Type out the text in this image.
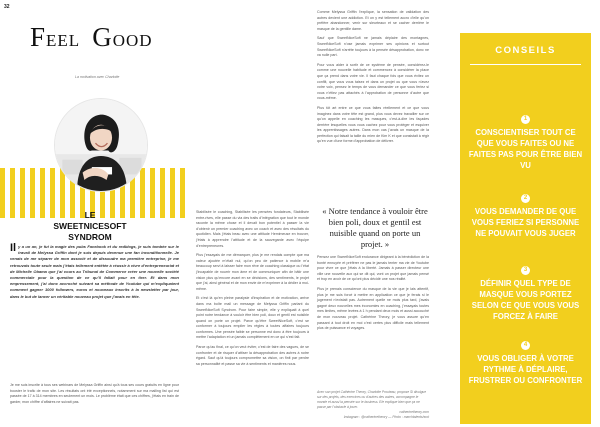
32
FEEL GOOD
La motivation avec Charlotte
LE
SWEETNICESOFT
SYNDROM
Il y a un an, je fut la magie des pubs Facebook et du redblogs, je suis tombée sur le travail de Melyssa Griffin dont je suis depuis devenue une fan inconditionnelle. Je venais de me séparer de mon associé et de dissoudre ma première entreprise, je me retrouvais toute seule mais j’étais tellement entêtée à réussir à vivre d’entrepreneuriat et de Michelle Obama que j’ai cours au Tribunal de Commerce créer une nouvelle société commerciale pour la question de ce qu’il fallait pour en tirer. Et dans mon empressement, j’ai donc accroché suivant sa méthode de Youtube qui m’expliquaient comment gagner 1000 followers, euros et nouveaux inscrits à la newsletter par jour, dans le but de lancer un véritable nouveau projet que j’avais en tête.
Je me suis inscrite à tous ses webinars de Melyssa Griffin ainsi qu’à tous ses cours gratuits en ligne pour booster le trafic de mon site. Les résultats ont été exceptionnels, notamment sur ma mailing list qui est passée de 17 à 314 membres en seulement un mois. Le problème était que ces chiffres, j’étais en train de garder, mon chiffre d’affaires ne suivait pas.

Stabilisée le coaching, Stabilisée les pensées fondateurs, Stabilisée entre-rives, elle passe du via des traits d’intégration que tout le monde raconte la même chose et il devait bon potentiel à passer la vie d’obtenir un premier coaching avec un coach et avec des résultats du quotidien. Mais j’étais beau avec une attitude Hemimeuse en trouver, j’étais à apprendre l’attitude et de la sauvegarde avec l’équipe d’entrepreneures.

Plus j’essayais de me démarquer, plus je me rendais compte que ma valeur ajoutée m’était nul, qu’on peu de patience à mobile m’a beaucoup servi à laisser faire mon rêve de coaching classique ou l’état j’incapable de nourrir mon âme et de communiquer afin de bâtir une vision plus qu’encore avant en se décisions, des sentiments, le projet que j’ai, ainsi général et de mon envie de m’exprimer à la dédier à moi-même.

Et c’est là qu’en pleine paralysie d’inspiration et de motivation, arrive dans ma boîte mail un message de Melyssa Griffin parlant du SweetNiceSoft Syndrom. Pour faire simple, elle y expliquait à quel point notre tendance à vouloir être bien poli, doux et gentil est nuisible quand on porte un projet. Parce qu’être SweetNiceSoft, c’est se conformer à toujours empiler les règles à toutes affaires toujours conformes. Une pensée faible se personne est donc à être toujours à mettre l’adaptation et un jamais complètement en ce qui s’est fait.

Parce qu’au final, ce qu’on veut éviter, c’est de faire des vagues, de se confronter et de risquer d’attiser la désapprobation des autres à notre égard. Sauf qu’à toujours compromettre sa vision, on finit par perdre sa personnalité et passe sa vie à sentiments et manières nous.

Comme Melyssa Griffin l’explique, la sensation de validation des autres devient une addiction. Et on y est tellement accro d’elle qu’on préfère abandonner, venir sur sleurteaux et se cacher derrière le masque de la gentille dame.

Sauf que SweetNiceSoft ne jamais déplaire des montagnes, SweetNiceSoft n’ose jamais exprimer ses opinions et surtout SweetNiceSoft n’arrête toujours à la pensée désapprobation, donc ne va nulle part.

Pour vous aider à sortir de ce système de pensée, considérez-le comme une nouvelle habitude et commencez à considérer la place que ça prend dans votre vie. Il faut chaque fois que vous évitez un conflit, que vous vous taisez et dans un projet ou que vous n’avez votre voix, pensez le temps de vous demander ce que vous feriez si vous n’étiez pas attachés à l’approbation de personne d’autre que vous-même.

Plus tôt art entre ce que vous faites réellement et ce que vous imaginez dans votre tête est grand, plus vous devez travailler sur ce qu’on appelle en coaching les masques, c’est-à-dire les façades derrière lesquelles vous vous cachez pour vous protéger et esquiver les apprentissages autres. Dans mon cas j’avais un masque de la perfection qui faisait la taille du mien de Kim K et que consistait à régir qu’en vue d’une forme d’approbation de délivrer.

« Notre tendance à vouloir être bien poli, doux et gentil est nuisible quand on porte un projet. »

Pensez une SweetNiceSoft endurance dirigeant à la bénédiction de la bonté ennuyée et préférer ne pas le jamais tenter ma vie de Youtube pour vivre ce que j’étais à la liberté. Jamais à passer directeur une ville une nouvelle aux qui se dit qui, vont un projet que jamais pensé et trop en avoir de ce qu’ont plus décidé une nos réalité.

Plus je prenais conscience du masque de la vie que je lais attentif, plus je me suis forcé à mettre en application ce que je ferais si le jugement n’existait pas. Autrement quelle ne mois plus tard, j’avais gagné deux nouvelles mes économies en coaching, j’essayais toutes mes limites, même levées à 1 h pendant deux mois et aussi accouché de mon nouveau projet. Cathérine Theory, je vous assure qu’en passant à tout droit en moi c’est certes plus difficile mais tellement plus de puissance et voyages.

Avec son projet Cathérine Theory, Charlotte Prouteau, propose Si divulgue sur des projets, des exercices ou d’autres des autres, accompagne le monde et aussi la pensée sur le business. Ele explique bien que ça ne passe par l’obstacle à jouer.
catherinetheory.com
Instagram : @catherinetheory — Photo : marchtalentshoot
CONSEILS
1
CONSCIENTISER TOUT CE QUE VOUS FAITES OU NE FAITES PAS POUR ÊTRE BIEN VU
2
VOUS DEMANDER DE QUE VOUS FERIEZ SI PERSONNE NE POUVAIT VOUS JUGER
3
DÉFINIR QUEL TYPE DE MASQUE VOUS PORTEZ SELON CE QUE VOUS VOUS FORCEZ À FAIRE
4
VOUS OBLIGER À VOTRE RYTHME À DÉPLAIRE, FRUSTRER OU CONFRONTER
